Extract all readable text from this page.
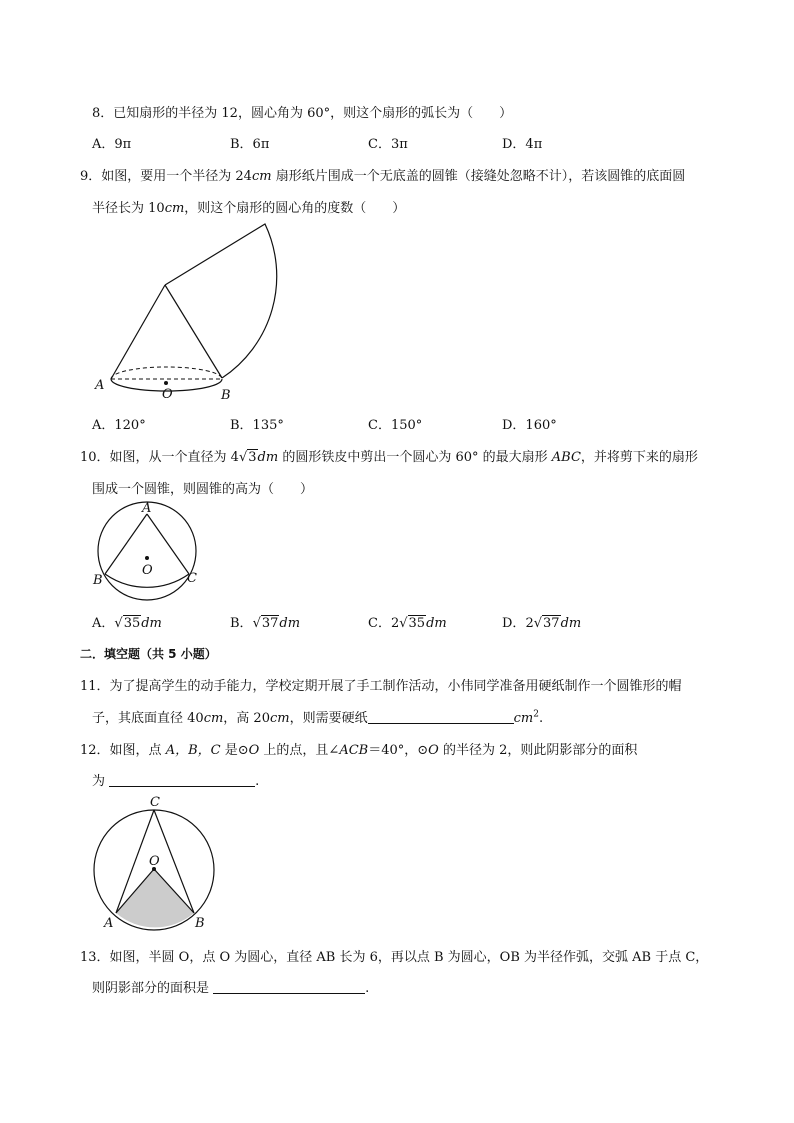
8．已知扇形的半径为 12，圆心角为 60°，则这个扇形的弧长为（　　）
A．9π	B．6π	C．3π	D．4π
9．如图，要用一个半径为 24cm 扇形纸片围成一个无底盖的圆锥（接缝处忽略不计），若该圆锥的底面圆
半径长为 10cm，则这个扇形的圆心角的度数（　　）
A
O	B
A．120°	B．135°	C．150°	D．160°
10．如图，从一个直径为 4√3dm 的圆形铁皮中剪出一个圆心为 60° 的最大扇形 ABC，并将剪下来的扇形
围成一个圆锥，则圆锥的高为（　　）
A
O
B	C
A．√35dm	B．√37dm	C．2√35dm	D．2√37dm
二．填空题（共 5 小题）
11．为了提高学生的动手能力，学校定期开展了手工制作活动，小伟同学准备用硬纸制作一个圆锥形的帽
子，其底面直径 40cm，高 20cm，则需要硬纸	$cm^2$.
12．如图，点 A，B，C 是⊙O 上的点，且∠ACB＝40°，⊙O 的半径为 2，则此阴影部分的面积
为	.
C
O
A	B
13．如图，半圆 O，点 O 为圆心，直径 AB 长为 6，再以点 B 为圆心，OB 为半径作弧，交弧 AB 于点 C，
则阴影部分的面积是	.
